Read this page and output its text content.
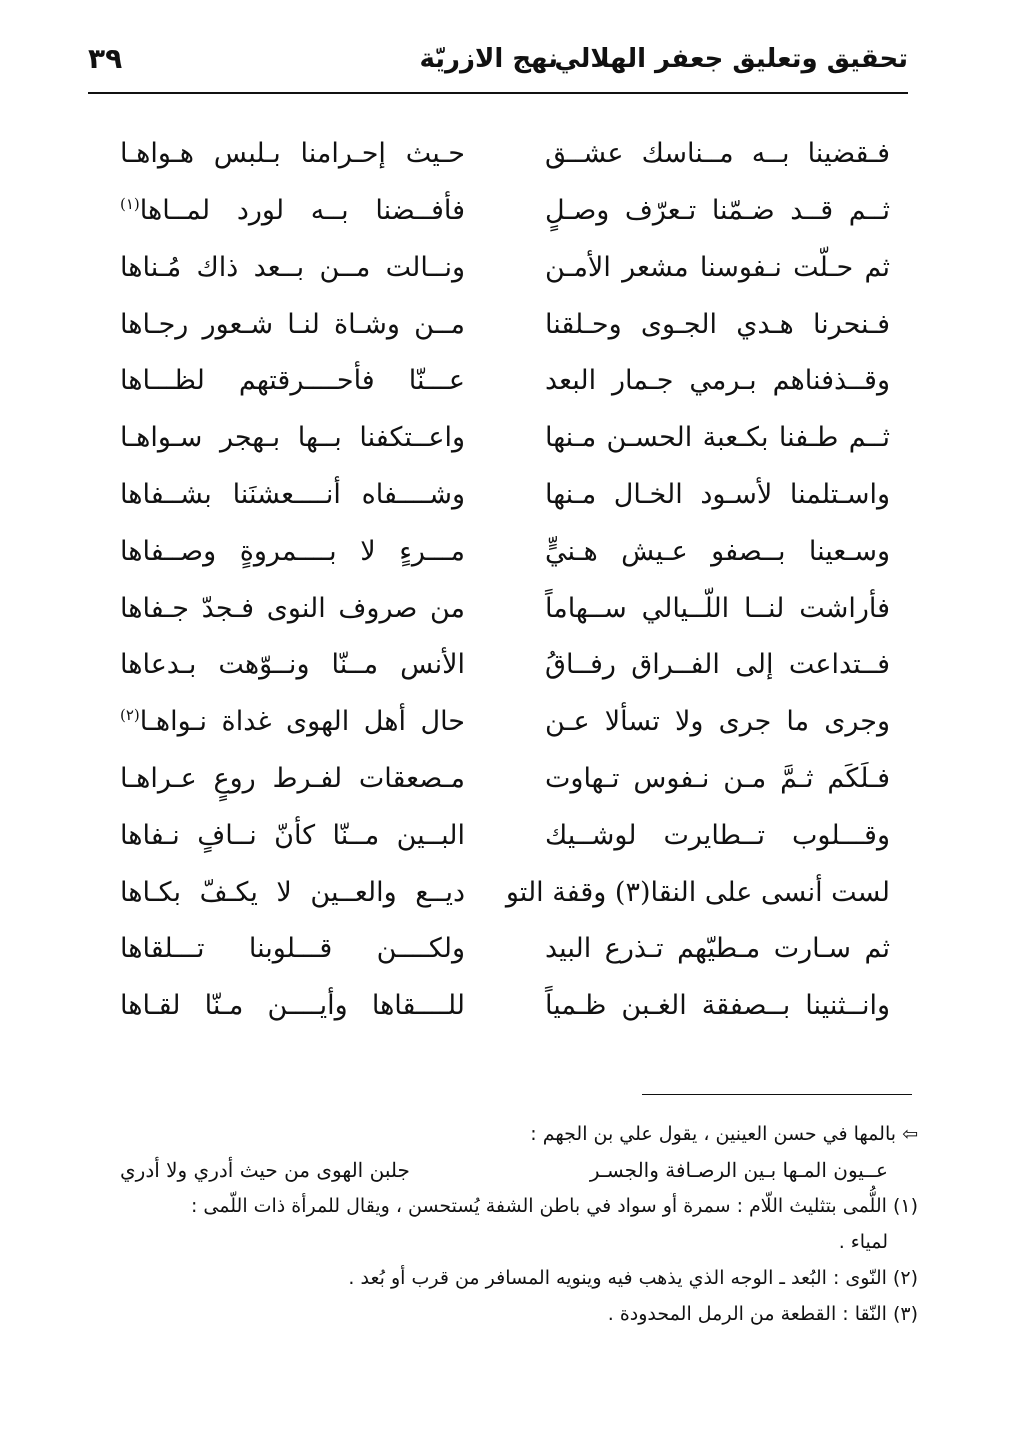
تحقيق وتعليق جعفر الهلالي
نهج الازريّة
٣٩
فـقضينا بــه مــناسك عشــق
حـيث إحـرامنا بـلبس هـواهـا
ثــم قــد ضـمّنا تـعرّف وصـلٍ
فأفــضنا بــه لورد لمــاها$^{(١)}$
ثم حـلّت نـفوسنا مشعر الأمـن
ونــالت مــن بــعد ذاك مُـناها
فـنحرنا هـدي الجـوى وحـلقنا
مــن وشـاة لنـا شـعور رجـاها
وقــذفناهم بـرمي جـمار البعد
عـــنّا فأحــــرقتهم لظـــاها
ثــم طـفنا بكـعبة الحسـن مـنها
واعــتكفنا بــها بـهجر سـواهـا
واسـتلمنا لأسـود الخـال مـنها
وشــــفاه أنــــعشنَنا بشــفاها
وسـعينا بــصفو عـيش هـنيٍّ
مـــرءٍ لا بــــمروةٍ وصــفاها
فأراشت لنــا اللّــيالي ســهاماً
من صروف النوى فـجدّ جـفاها
فــتداعت إلى الفــراق رفــاقُ
الأنس مــنّا ونــوّهت بـدعاها
وجرى ما جرى ولا تسألا عـن
حال أهل الهوى غداة نـواهـا$^{(٢)}$
فـلَكَم ثـمَّ مـن نـفوس تـهاوت
مـصعقات لفـرط روعٍ عـراهـا
وقـــلوب تــطايرت لوشــيك
البــين مــنّا كأنّ نــافٍ نـفاها
لست أنسى على النقا(٣) وقفة التو
ديــع والعــين لا يكـفّ بكـاها
ثم سـارت مـطيّهم تـذرع البيد
ولكــــن قـــلوبنا تـــلقاها
وانــثنينا بــصفقة الغـبن ظـمياً
للــــقاها وأيــــن مـنّا لقـاها
⇦ بالمها في حسن العينين ، يقول علي بن الجهم :
عــيون المـها بـين الرصـافة والجسـر
جلبن الهوى من حيث أدري ولا أدري
(١) اللُّمى بتثليث اللّام : سمرة أو سواد في باطن الشفة يُستحسن ، ويقال للمرأة ذات اللّمى :
لمياء .
(٢) النّوى : البُعد ـ الوجه الذي يذهب فيه وينويه المسافر من قرب أو بُعد .
(٣) النّقا : القطعة من الرمل المحدودة .
